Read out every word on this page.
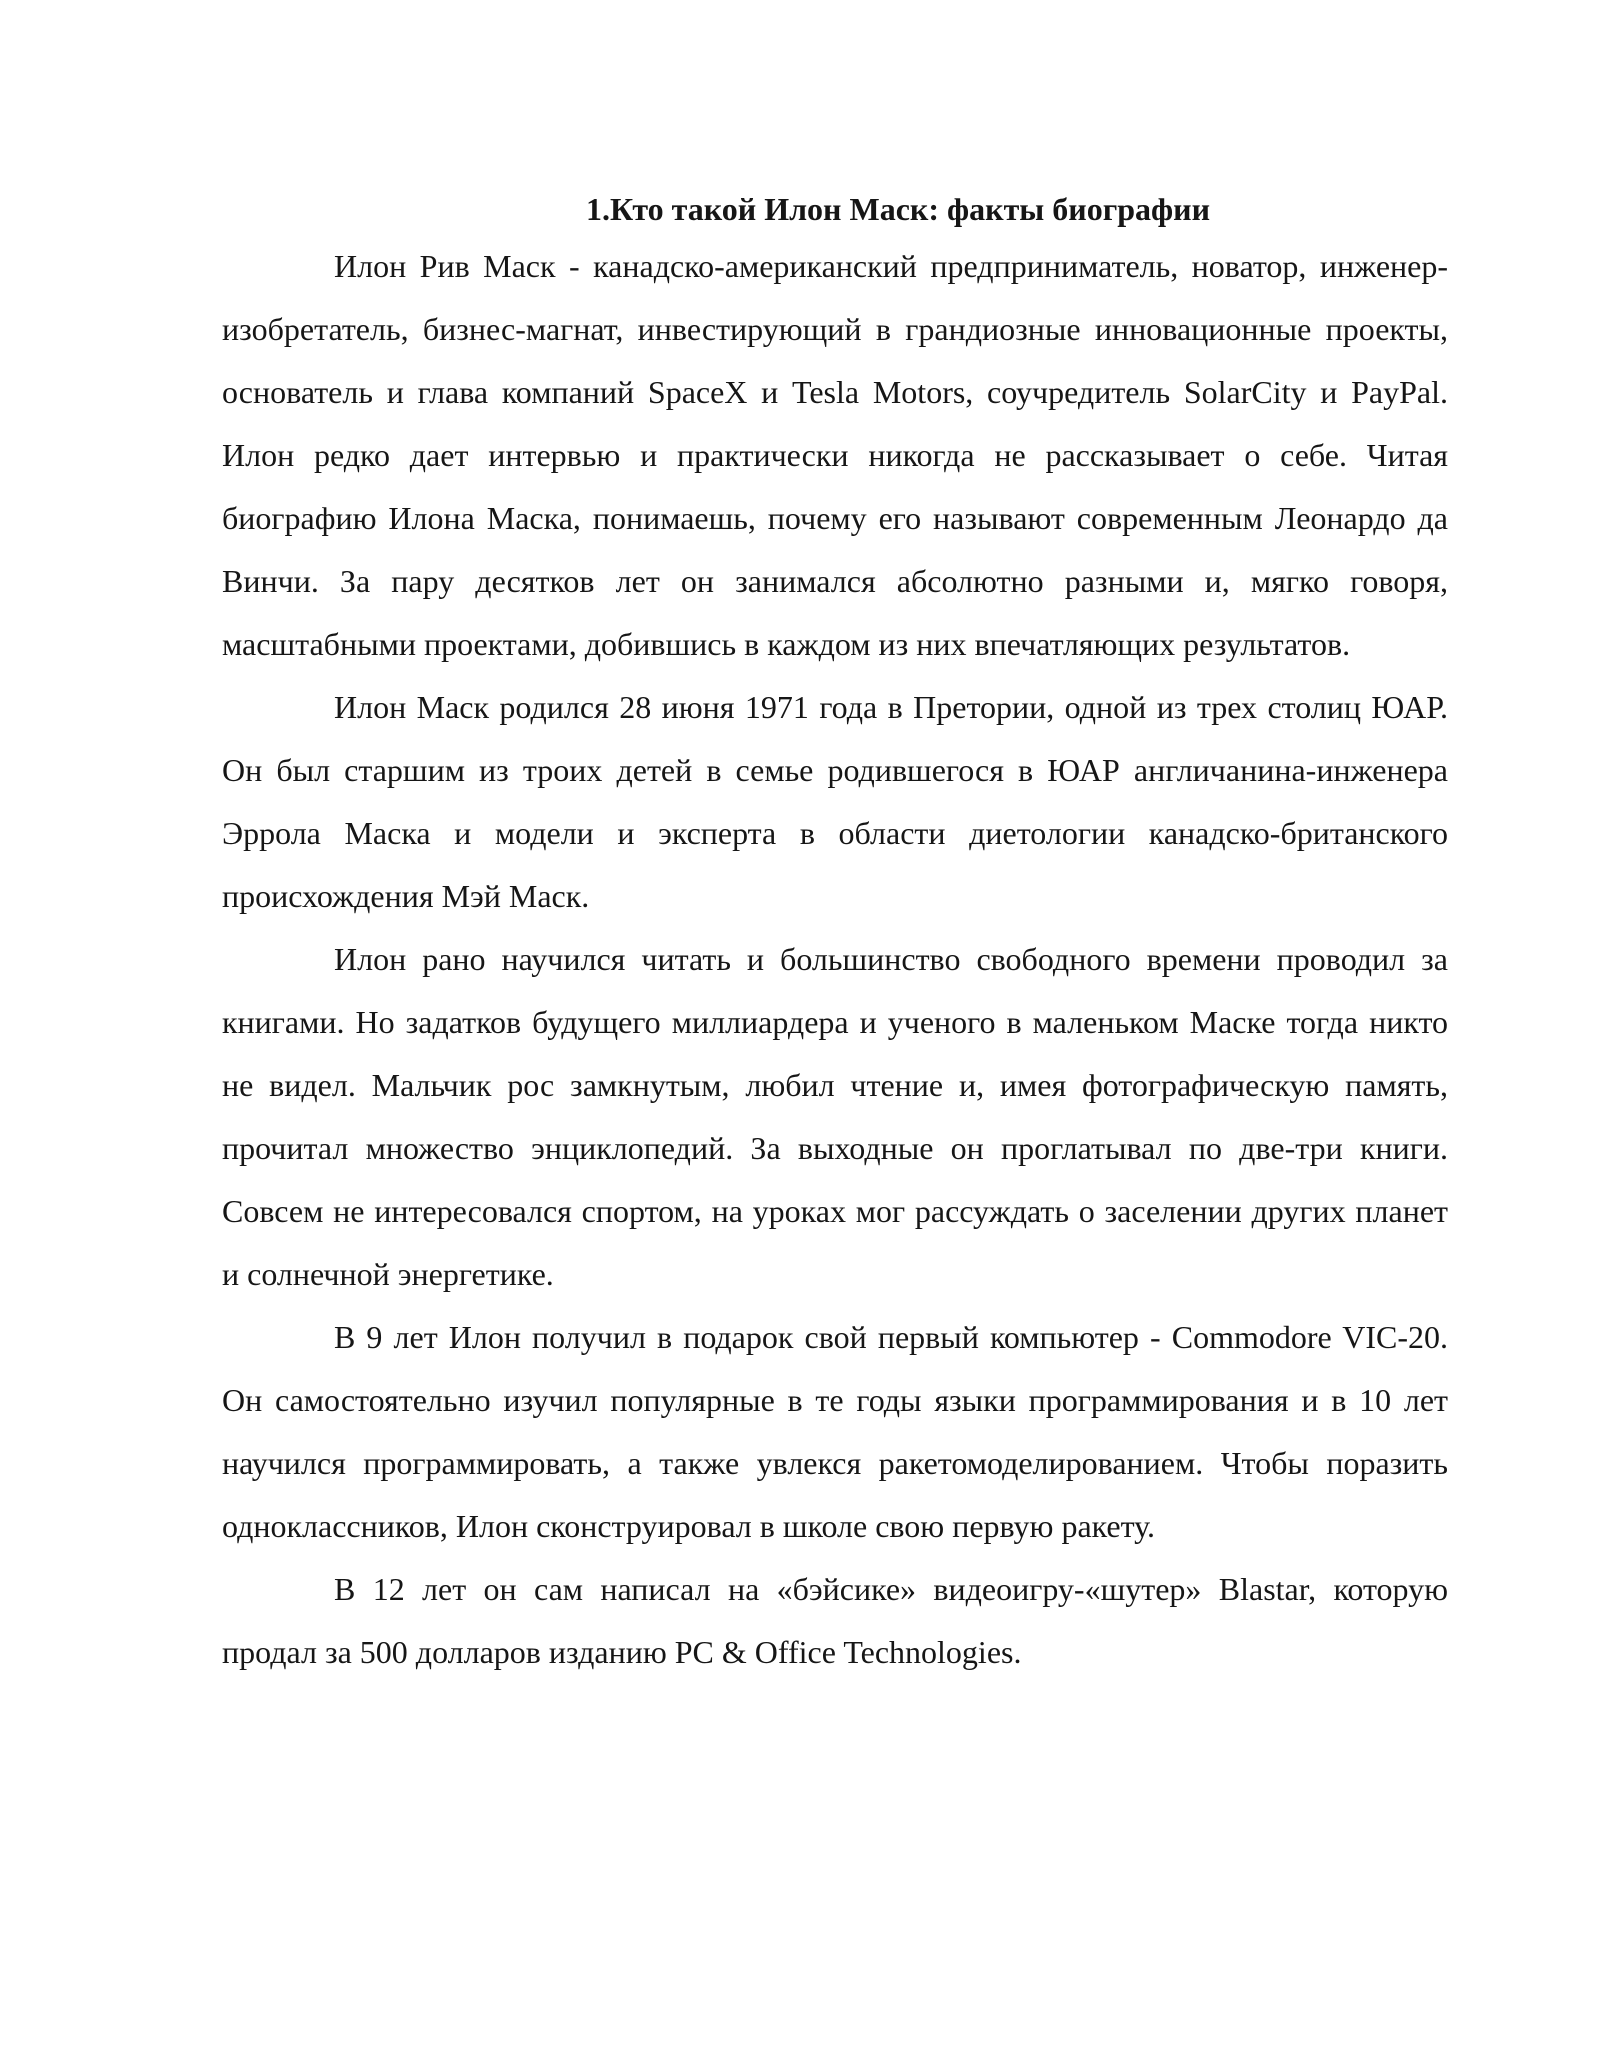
1.Кто такой Илон Маск: факты биографии

Илон Рив Маск - канадско-американский предприниматель, новатор, инженер-изобретатель, бизнес-магнат, инвестирующий в грандиозные инновационные проекты, основатель и глава компаний SpaceX и Tesla Motors, соучредитель SolarCity и PayPal. Илон редко дает интервью и практически никогда не рассказывает о себе. Читая биографию Илона Маска, понимаешь, почему его называют современным Леонардо да Винчи. За пару десятков лет он занимался абсолютно разными и, мягко говоря, масштабными проектами, добившись в каждом из них впечатляющих результатов.

Илон Маск родился 28 июня 1971 года в Претории, одной из трех столиц ЮАР. Он был старшим из троих детей в семье родившегося в ЮАР англичанина-инженера Эррола Маска и модели и эксперта в области диетологии канадско-британского происхождения Мэй Маск.

Илон рано научился читать и большинство свободного времени проводил за книгами. Но задатков будущего миллиардера и ученого в маленьком Маске тогда никто не видел. Мальчик рос замкнутым, любил чтение и, имея фотографическую память, прочитал множество энциклопедий. За выходные он проглатывал по две-три книги. Совсем не интересовался спортом, на уроках мог рассуждать о заселении других планет и солнечной энергетике.

В 9 лет Илон получил в подарок свой первый компьютер - Commodore VIC-20. Он самостоятельно изучил популярные в те годы языки программирования и в 10 лет научился программировать, а также увлекся ракетомоделированием. Чтобы поразить одноклассников, Илон сконструировал в школе свою первую ракету.

В 12 лет он сам написал на «бэйсике» видеоигру-«шутер» Blastar, которую продал за 500 долларов изданию PC & Office Technologies.
